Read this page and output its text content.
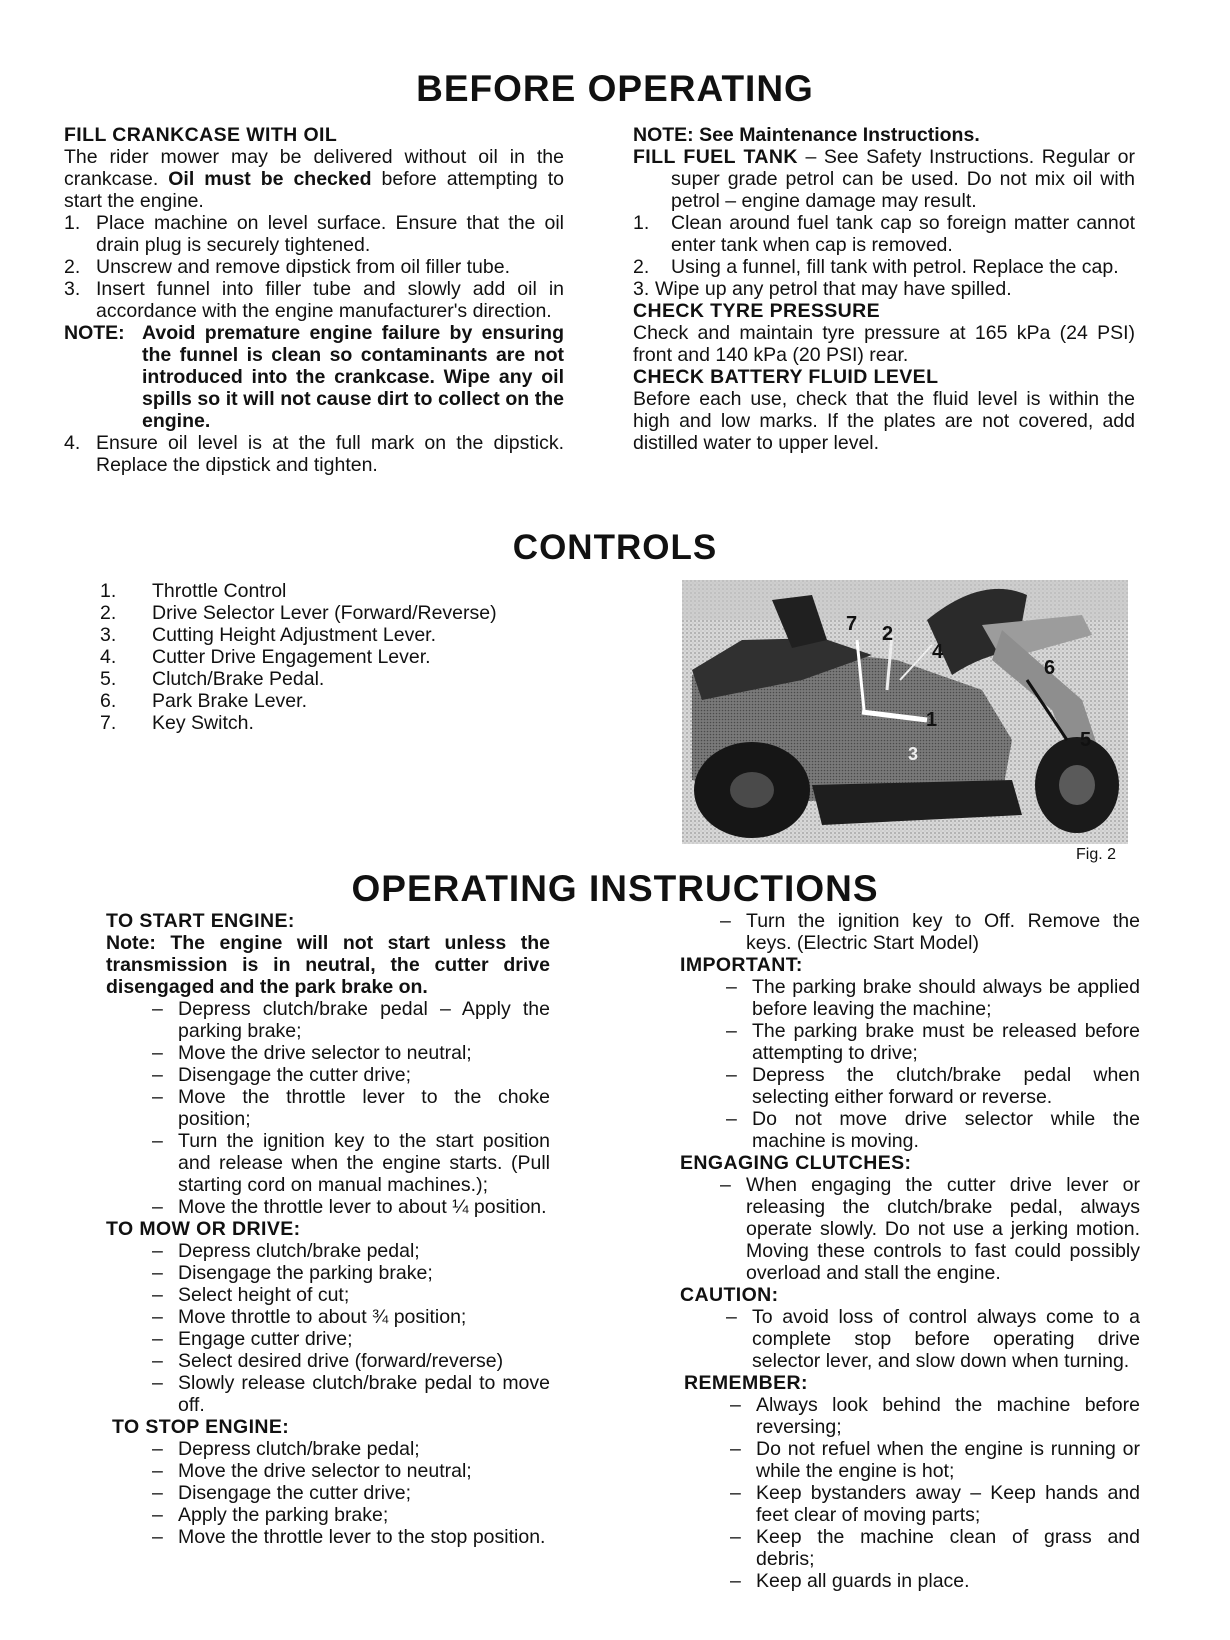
BEFORE OPERATING
FILL CRANKCASE WITH OIL
The rider mower may be delivered without oil in the crankcase. Oil must be checked before attempting to start the engine.
1. Place machine on level surface. Ensure that the oil drain plug is securely tightened.
2. Unscrew and remove dipstick from oil filler tube.
3. Insert funnel into filler tube and slowly add oil in accordance with the engine manufacturer's direction.
NOTE: Avoid premature engine failure by ensuring the funnel is clean so contaminants are not introduced into the crankcase. Wipe any oil spills so it will not cause dirt to collect on the engine.
4. Ensure oil level is at the full mark on the dipstick. Replace the dipstick and tighten.
NOTE: See Maintenance Instructions.
FILL FUEL TANK – See Safety Instructions. Regular or super grade petrol can be used. Do not mix oil with petrol – engine damage may result.
1.	Clean around fuel tank cap so foreign matter cannot enter tank when cap is removed.
2.	Using a funnel, fill tank with petrol. Replace the cap.
3. Wipe up any petrol that may have spilled.
CHECK TYRE PRESSURE
Check and maintain tyre pressure at 165 kPa (24 PSI) front and 140 kPa (20 PSI) rear.
CHECK BATTERY FLUID LEVEL
Before each use, check that the fluid level is within the high and low marks. If the plates are not covered, add distilled water to upper level.
CONTROLS
1.	Throttle Control
2.	Drive Selector Lever (Forward/Reverse)
3.	Cutting Height Adjustment Lever.
4.	Cutter Drive Engagement Lever.
5.	Clutch/Brake Pedal.
6.	Park Brake Lever.
7.	Key Switch.
7 2
4
6
1
3
5
Fig. 2
OPERATING INSTRUCTIONS
TO START ENGINE:
Note: The engine will not start unless the transmission is in neutral, the cutter drive disengaged and the park brake on.
– Depress clutch/brake pedal – Apply the parking brake;
– Move the drive selector to neutral;
– Disengage the cutter drive;
– Move the throttle lever to the choke position;
– Turn the ignition key to the start position and release when the engine starts. (Pull starting cord on manual machines.);
– Move the throttle lever to about ¼ position.
TO MOW OR DRIVE:
– Depress clutch/brake pedal;
– Disengage the parking brake;
– Select height of cut;
– Move throttle to about ¾ position;
– Engage cutter drive;
– Select desired drive (forward/reverse)
– Slowly release clutch/brake pedal to move off.
TO STOP ENGINE:
– Depress clutch/brake pedal;
– Move the drive selector to neutral;
– Disengage the cutter drive;
– Apply the parking brake;
– Move the throttle lever to the stop position.
– Turn the ignition key to Off. Remove the keys. (Electric Start Model)
IMPORTANT:
– The parking brake should always be applied before leaving the machine;
– The parking brake must be released before attempting to drive;
– Depress the clutch/brake pedal when selecting either forward or reverse.
– Do not move drive selector while the machine is moving.
ENGAGING CLUTCHES:
– When engaging the cutter drive lever or releasing the clutch/brake pedal, always operate slowly. Do not use a jerking motion. Moving these controls to fast could possibly overload and stall the engine.
CAUTION:
– To avoid loss of control always come to a complete stop before operating drive selector lever, and slow down when turning.
REMEMBER:
– Always look behind the machine before reversing;
– Do not refuel when the engine is running or while the engine is hot;
– Keep bystanders away – Keep hands and feet clear of moving parts;
– Keep the machine clean of grass and debris;
– Keep all guards in place.
